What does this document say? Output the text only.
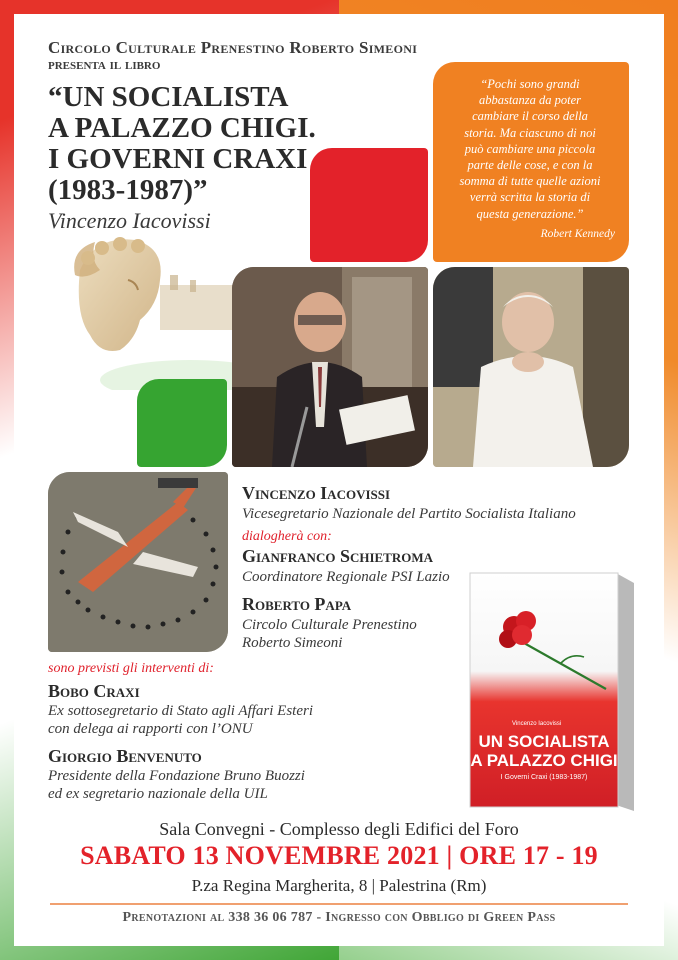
Circolo Culturale Prenestino Roberto Simeoni
presenta il libro
“UN SOCIALISTA
A PALAZZO CHIGI.
I GOVERNI CRAXI
(1983-1987)”
Vincenzo Iacovissi
“Pochi sono grandi
abbastanza da poter
cambiare il corso della
storia. Ma ciascuno di noi
può cambiare una piccola
parte delle cose, e con la
somma di tutte quelle azioni
verrà scritta la storia di
questa generazione.”
Robert Kennedy
Vincenzo Iacovissi
Vicesegretario Nazionale del Partito Socialista Italiano
dialogherà con:
Gianfranco Schietroma
Coordinatore Regionale PSI Lazio
Roberto Papa
Circolo Culturale Prenestino
Roberto Simeoni
sono previsti gli interventi di:
Bobo Craxi
Ex sottosegretario di Stato agli Affari Esteri
con delega ai rapporti con l’ONU
Giorgio Benvenuto
Presidente della Fondazione Bruno Buozzi
ed ex segretario nazionale della UIL
Vincenzo Iacovissi
UN SOCIALISTA
A PALAZZO CHIGI
I Governi Craxi (1983-1987)
Sala Convegni - Complesso degli Edifici del Foro
SABATO 13 NOVEMBRE 2021 | ORE 17 - 19
P.za Regina Margherita, 8 | Palestrina (Rm)
Prenotazioni al 338 36 06 787 - Ingresso con Obbligo di Green Pass
